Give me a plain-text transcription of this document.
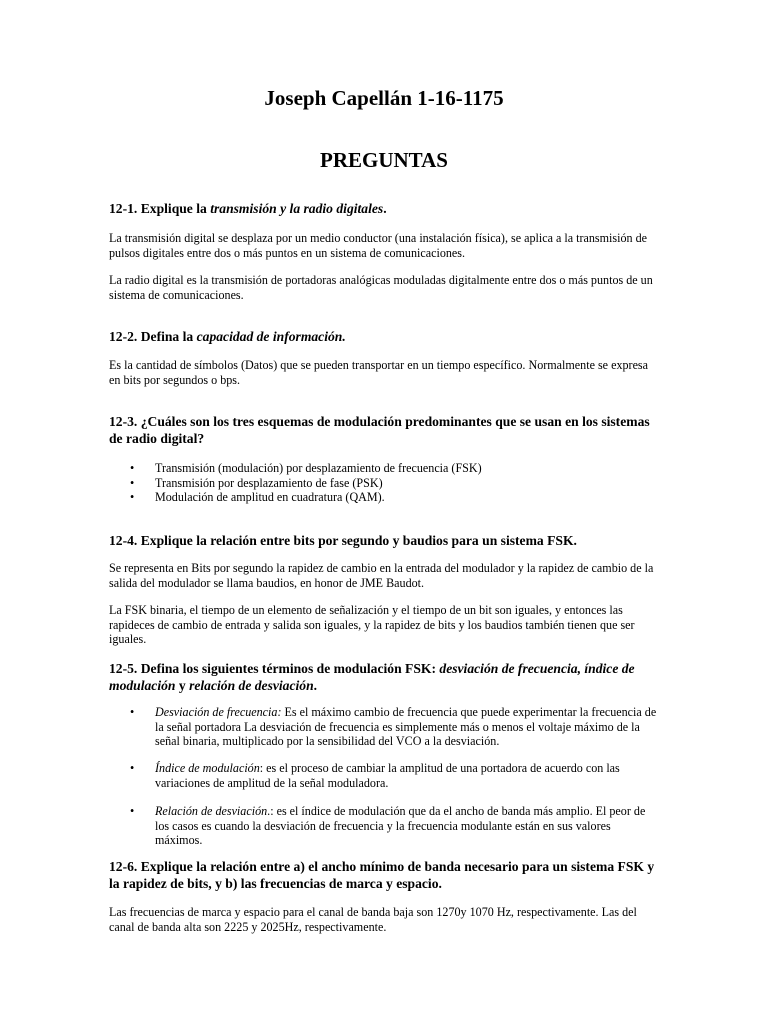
Joseph Capellán 1-16-1175
PREGUNTAS

12-1. Explique la transmisión y la radio digitales.

La transmisión digital se desplaza por un medio conductor (una instalación física), se aplica a la transmisión de pulsos digitales entre dos o más puntos en un sistema de comunicaciones.

La radio digital es la transmisión de portadoras analógicas moduladas digitalmente entre dos o más puntos de un sistema de comunicaciones.

12-2. Defina la capacidad de información.

Es la cantidad de símbolos (Datos) que se pueden transportar en un tiempo específico. Normalmente se expresa en bits por segundos o bps.

12-3. ¿Cuáles son los tres esquemas de modulación predominantes que se usan en los sistemas de radio digital?

• Transmisión (modulación) por desplazamiento de frecuencia (FSK)
• Transmisión por desplazamiento de fase (PSK)
• Modulación de amplitud en cuadratura (QAM).

12-4. Explique la relación entre bits por segundo y baudios para un sistema FSK.

Se representa en Bits por segundo la rapidez de cambio en la entrada del modulador y la rapidez de cambio de la salida del modulador se llama baudios, en honor de JME Baudot.

La FSK binaria, el tiempo de un elemento de señalización y el tiempo de un bit son iguales, y entonces las rapideces de cambio de entrada y salida son iguales, y la rapidez de bits y los baudios también tienen que ser iguales.

12-5. Defina los siguientes términos de modulación FSK: desviación de frecuencia, índice de modulación y relación de desviación.

• Desviación de frecuencia: Es el máximo cambio de frecuencia que puede experimentar la frecuencia de la señal portadora La desviación de frecuencia es simplemente más o menos el voltaje máximo de la señal binaria, multiplicado por la sensibilidad del VCO a la desviación.
• Índice de modulación: es el proceso de cambiar la amplitud de una portadora de acuerdo con las variaciones de amplitud de la señal moduladora.
• Relación de desviación.: es el índice de modulación que da el ancho de banda más amplio. El peor de los casos es cuando la desviación de frecuencia y la frecuencia modulante están en sus valores máximos.

12-6. Explique la relación entre a) el ancho mínimo de banda necesario para un sistema FSK y la rapidez de bits, y b) las frecuencias de marca y espacio.

Las frecuencias de marca y espacio para el canal de banda baja son 1270y 1070 Hz, respectivamente. Las del canal de banda alta son 2225 y 2025Hz, respectivamente.
